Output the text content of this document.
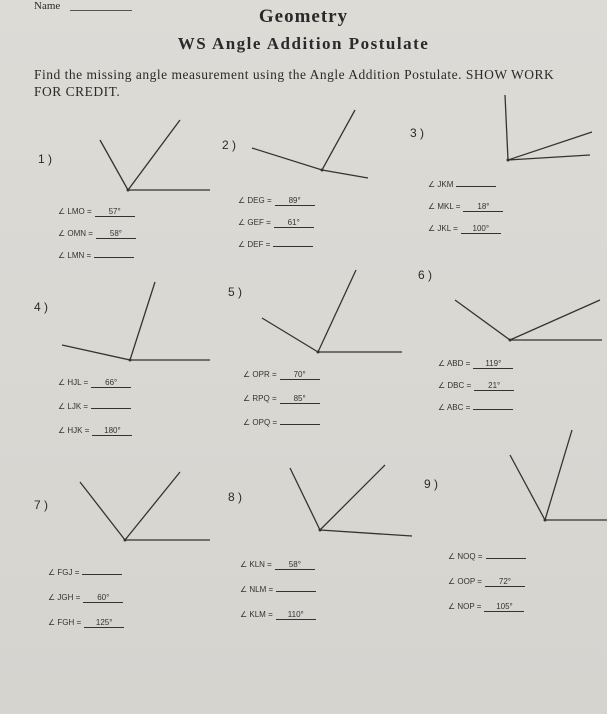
Name	Geometry
WS Angle Addition Postulate
Find the missing angle measurement using the Angle Addition Postulate. SHOW WORK FOR CREDIT.
1 )
2 )
3 )
4 )
5 )
6 )
7 )
8 )
9 )
∠ LMO = 57°
∠ OMN = 58°
∠ LMN =
∠ DEG = 89°
∠ GEF = 61°
∠ DEF =
∠ JKM
∠ MKL = 18°
∠ JKL = 100°
∠ HJL = 66°
∠ LJK =
∠ HJK = 180°
∠ OPR = 70°
∠ RPQ = 85°
∠ OPQ =
∠ ABD = 119°
∠ DBC = 21°
∠ ABC =
∠ FGJ =
∠ JGH = 60°
∠ FGH = 125°
∠ KLN = 58°
∠ NLM =
∠ KLM = 110°
∠ NOQ =
∠ OOP = 72°
∠ NOP = 105°
